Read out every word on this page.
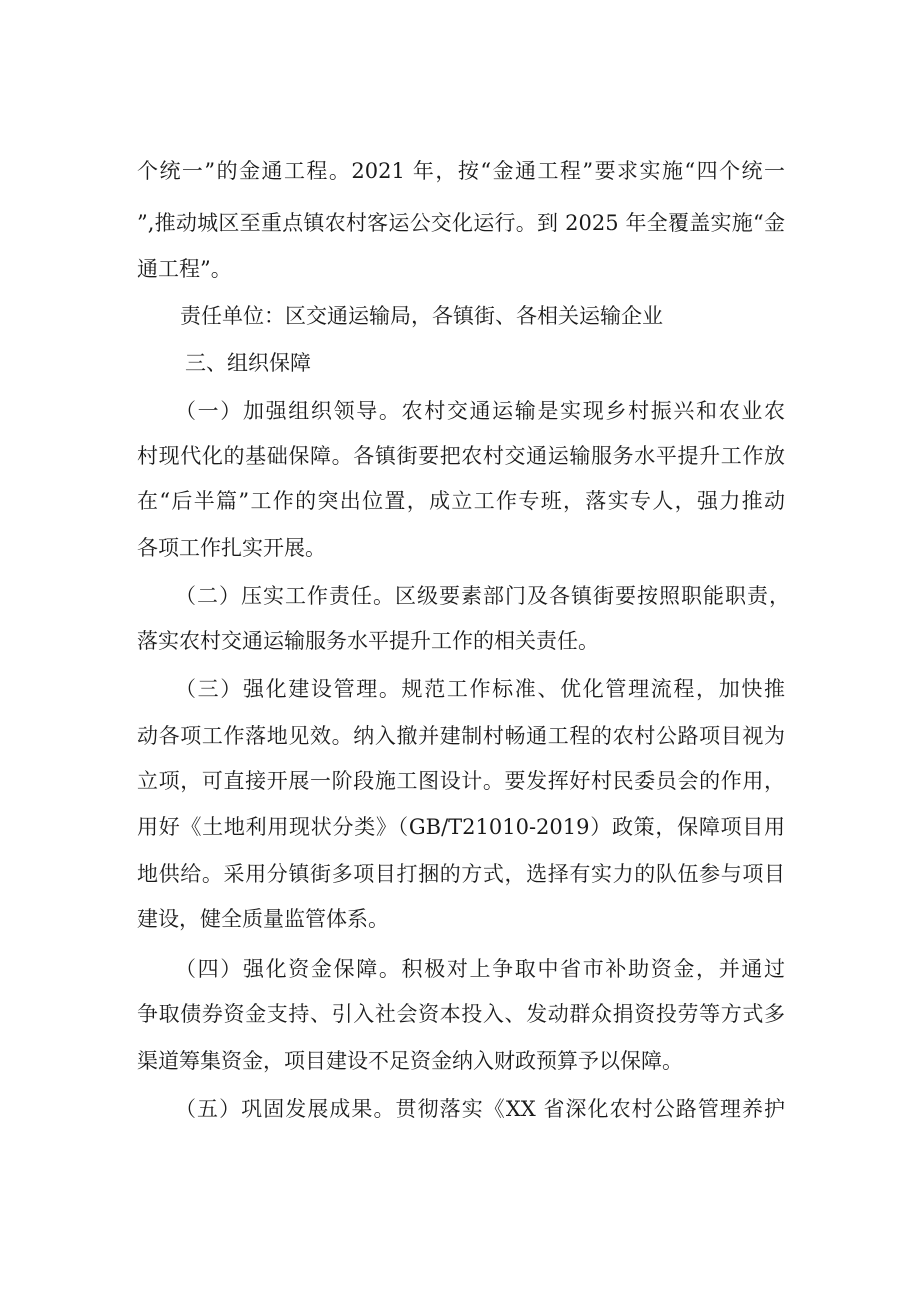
个统一”的金通工程。2021 年，按“金通工程”要求实施“四个统一
”,推动城区至重点镇农村客运公交化运行。到 2025 年全覆盖实施“金
通工程”。
责任单位：区交通运输局，各镇街、各相关运输企业
三、组织保障
（一）加强组织领导。农村交通运输是实现乡村振兴和农业农
村现代化的基础保障。各镇街要把农村交通运输服务水平提升工作放
在“后半篇”工作的突出位置，成立工作专班，落实专人，强力推动
各项工作扎实开展。
（二）压实工作责任。区级要素部门及各镇街要按照职能职责，
落实农村交通运输服务水平提升工作的相关责任。
（三）强化建设管理。规范工作标准、优化管理流程，加快推
动各项工作落地见效。纳入撤并建制村畅通工程的农村公路项目视为
立项，可直接开展一阶段施工图设计。要发挥好村民委员会的作用，
用好《土地利用现状分类》（GB/T21010-2019）政策，保障项目用
地供给。采用分镇街多项目打捆的方式，选择有实力的队伍参与项目
建设，健全质量监管体系。
（四）强化资金保障。积极对上争取中省市补助资金，并通过
争取债券资金支持、引入社会资本投入、发动群众捐资投劳等方式多
渠道筹集资金，项目建设不足资金纳入财政预算予以保障。
（五）巩固发展成果。贯彻落实《XX 省深化农村公路管理养护
